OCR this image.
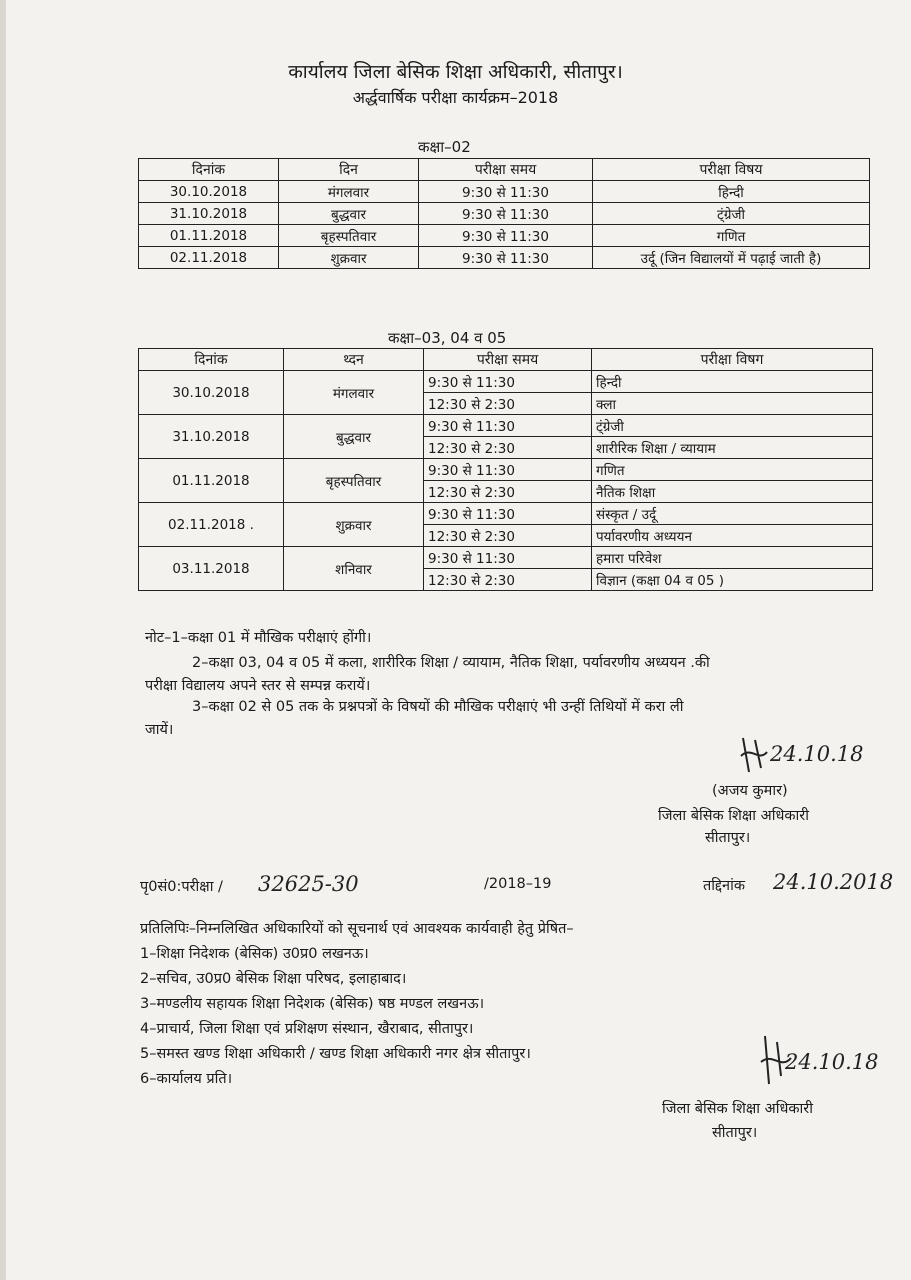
कार्यालय जिला बेसिक शिक्षा अधिकारी, सीतापुर।
अर्द्धवार्षिक परीक्षा कार्यक्रम–2018
कक्षा–02
दिनांक	दिन	परीक्षा समय	परीक्षा विषय
30.10.2018	मंगलवार	9:30 से 11:30	हिन्दी
31.10.2018	बुद्धवार	9:30 से 11:30	ट्ंग्रेजी
01.11.2018	बृहस्पतिवार	9:30 से 11:30	गणित
02.11.2018	शुक्रवार	9:30 से 11:30	उर्दू (जिन विद्यालयों में पढ़ाई जाती है)
कक्षा–03, 04 व 05
दिनांक	थ्दन	परीक्षा समय	परीक्षा विषग
30.10.2018	मंगलवार	9:30 से 11:30	हिन्दी
		12:30 से 2:30	क्ला
31.10.2018	बुद्धवार	9:30 से 11:30	ट्ंग्रेजी
		12:30 से 2:30	शारीरिक शिक्षा / व्यायाम
01.11.2018	बृहस्पतिवार	9:30 से 11:30	गणित
		12:30 से 2:30	नैतिक शिक्षा
02.11.2018 .	शुक्रवार	9:30 से 11:30	संस्कृत / उर्दू
		12:30 से 2:30	पर्यावरणीय अध्ययन
03.11.2018	शनिवार	9:30 से 11:30	हमारा परिवेश
		12:30 से 2:30	विज्ञान (कक्षा 04 व 05 )
नोट–1–कक्षा 01 में मौखिक परीक्षाएं होंगी।
2–कक्षा 03, 04 व 05 में कला, शारीरिक शिक्षा / व्यायाम, नैतिक शिक्षा, पर्यावरणीय अध्ययन .की
परीक्षा विद्यालय अपने स्तर से सम्पन्न करायें।
3–कक्षा 02 से 05 तक के प्रश्नपत्रों के विषयों की मौखिक परीक्षाएं भी उन्हीं तिथियों में करा ली
जायें।
24.10.18
(अजय कुमार)
जिला बेसिक शिक्षा अधिकारी
सीतापुर।
पृ0सं0:परीक्षा / 32625-30	/2018–19	तद्दिनांक 24.10.2018
प्रतिलिपिः–निम्नलिखित अधिकारियों को सूचनार्थ एवं आवश्यक कार्यवाही हेतु प्रेषित–
1–शिक्षा निदेशक (बेसिक) उ0प्र0 लखनऊ।
2–सचिव, उ0प्र0 बेसिक शिक्षा परिषद, इलाहाबाद।
3–मण्डलीय सहायक शिक्षा निदेशक (बेसिक) षष्ठ मण्डल लखनऊ।
4–प्राचार्य, जिला शिक्षा एवं प्रशिक्षण संस्थान, खैराबाद, सीतापुर।
5–समस्त खण्ड शिक्षा अधिकारी / खण्ड शिक्षा अधिकारी नगर क्षेत्र सीतापुर।
6–कार्यालय प्रति।
24.10.18
जिला बेसिक शिक्षा अधिकारी
सीतापुर।
